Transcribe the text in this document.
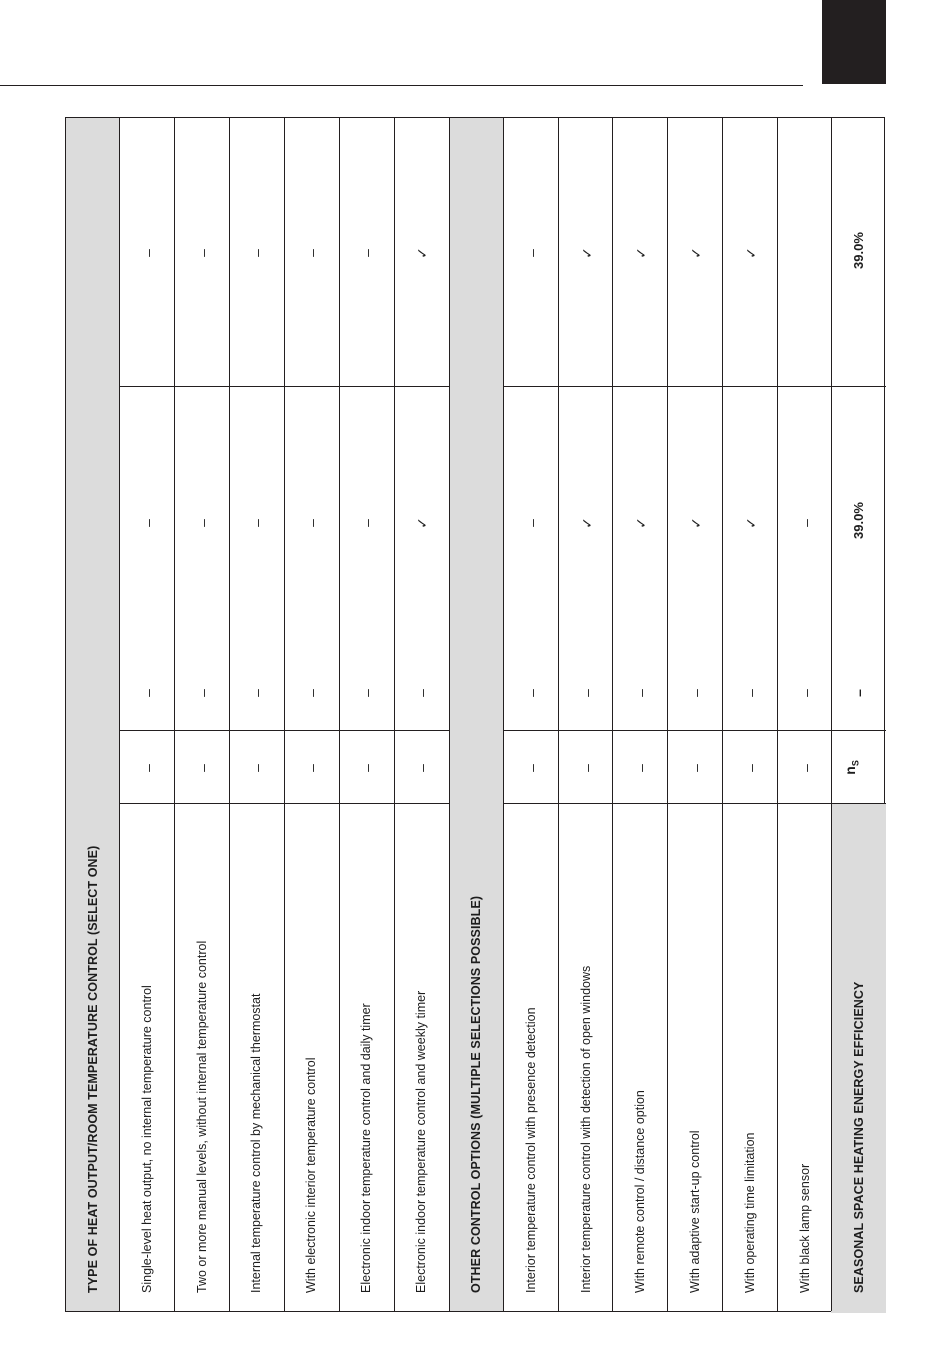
TYPE OF HEAT OUTPUT/ROOM TEMPERATURE CONTROL (SELECT ONE)	OTHER CONTROL OPTIONS (MULTIPLE SELECTIONS POSSIBLE)	SEASONAL SPACE HEATING ENERGY EFFICIENCY
Single-level heat output, no internal temperature control
–
–
–
–
Two or more manual levels, without internal temperature control
–
–
–
–
Internal temperature control by mechanical thermostat
–
–
–
–
With electronic interior temperature control
–
–
–
–
Electronic indoor temperature control and daily timer
–
–
–
–
Electronic indoor temperature control and weekly timer
–
–
✓
✓
Interior temperature control with presence detection
–
–
–
–
Interior temperature control with detection of open windows
–
–
✓
✓
With remote control / distance option
–
–
✓
✓
With adaptive start-up control
–
–
✓
✓
With operating time limitation
–
–
✓
✓
With black lamp sensor
–
–
–
$n_S$
–
39.0%
39.0%
